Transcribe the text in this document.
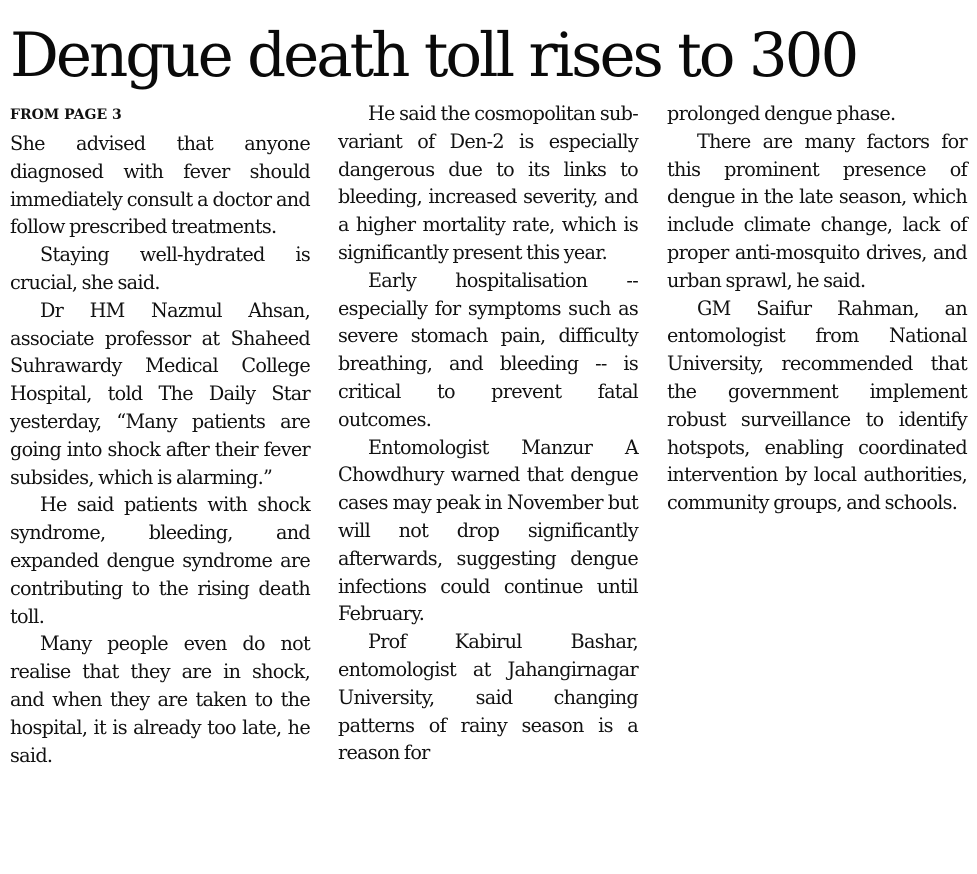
Dengue death toll rises to 300
FROM PAGE 3

She advised that anyone diagnosed with fever should immediately consult a doctor and follow prescribed treatments.

Staying well-hydrated is crucial, she said.

Dr HM Nazmul Ahsan, associate professor at Shaheed Suhrawardy Medical College Hospital, told The Daily Star yesterday, “Many patients are going into shock after their fever subsides, which is alarming.”

He said patients with shock syndrome, bleeding, and expanded dengue syndrome are contributing to the rising death toll.

Many people even do not realise that they are in shock, and when they are taken to the hospital, it is already too late, he said.

He said the cosmopolitan sub-variant of Den-2 is especially dangerous due to its links to bleeding, increased severity, and a higher mortality rate, which is significantly present this year.

Early hospitalisation -- especially for symptoms such as severe stomach pain, difficulty breathing, and bleeding -- is critical to prevent fatal outcomes.

Entomologist Manzur A Chowdhury warned that dengue cases may peak in November but will not drop significantly afterwards, suggesting dengue infections could continue until February.

Prof Kabirul Bashar, entomologist at Jahangirnagar University, said changing patterns of rainy season is a reason for

prolonged dengue phase.

There are many factors for this prominent presence of dengue in the late season, which include climate change, lack of proper anti-mosquito drives, and urban sprawl, he said.

GM Saifur Rahman, an entomologist from National University, recommended that the government implement robust surveillance to identify hotspots, enabling coordinated intervention by local authorities, community groups, and schools.
